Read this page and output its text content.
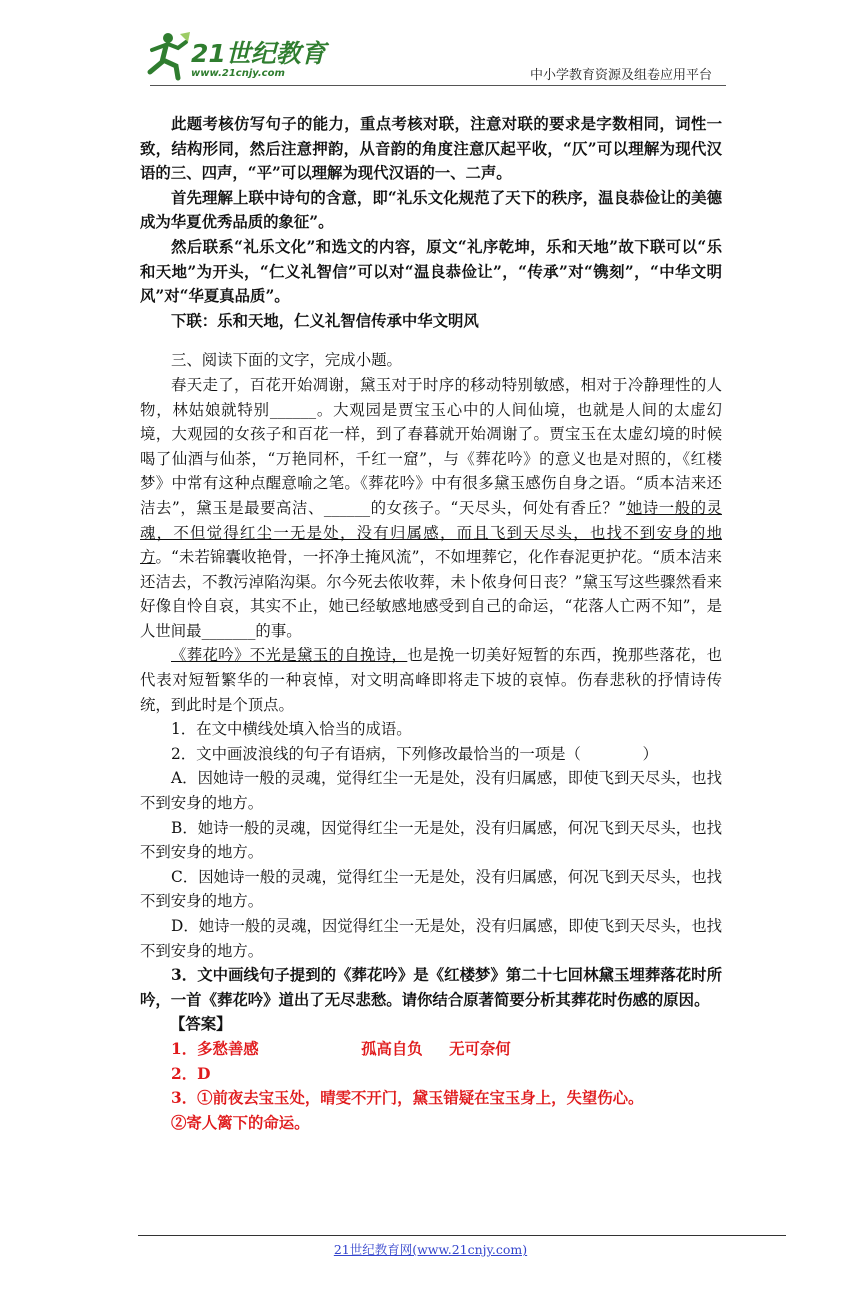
21世纪教育
www.21cnjy.com	中小学教育资源及组卷应用平台

此题考核仿写句子的能力，重点考核对联，注意对联的要求是字数相同，词性一致，结构形同，然后注意押韵，从音韵的角度注意仄起平收，“仄”可以理解为现代汉语的三、四声，“平”可以理解为现代汉语的一、二声。

首先理解上联中诗句的含意，即“礼乐文化规范了天下的秩序，温良恭俭让的美德成为华夏优秀品质的象征”。

然后联系“礼乐文化”和选文的内容，原文“礼序乾坤，乐和天地”故下联可以“乐和天地”为开头，“仁义礼智信”可以对“温良恭俭让”，“传承”对“镌刻”，“中华文明风”对“华夏真品质”。

下联：乐和天地，仁义礼智信传承中华文明风

三、阅读下面的文字，完成小题。

春天走了，百花开始凋谢，黛玉对于时序的移动特别敏感，相对于冷静理性的人物，林姑娘就特别______。大观园是贾宝玉心中的人间仙境，也就是人间的太虚幻境，大观园的女孩子和百花一样，到了春暮就开始凋谢了。贾宝玉在太虚幻境的时候喝了仙酒与仙茶，“万艳同杯，千红一窟”，与《葬花吟》的意义也是对照的，《红楼梦》中常有这种点醒意喻之笔。《葬花吟》中有很多黛玉感伤自身之语。“质本洁来还洁去”，黛玉是最要高洁、______的女孩子。“天尽头，何处有香丘？”她诗一般的灵魂，不但觉得红尘一无是处，没有归属感，而且飞到天尽头，也找不到安身的地方。“未若锦囊收艳骨，一抔净土掩风流”，不如埋葬它，化作春泥更护花。“质本洁来还洁去，不教污淖陷沟渠。尔今死去侬收葬，未卜侬身何日丧？”黛玉写这些骤然看来好像自怜自哀，其实不止，她已经敏感地感受到自己的命运，“花落人亡两不知”，是人世间最_______的事。

《葬花吟》不光是黛玉的自挽诗，也是挽一切美好短暂的东西，挽那些落花，也代表对短暂繁华的一种哀悼，对文明高峰即将走下坡的哀悼。伤春悲秋的抒情诗传统，到此时是个顶点。

1．在文中横线处填入恰当的成语。

2．文中画波浪线的句子有语病，下列修改最恰当的一项是（　　　　）

A．因她诗一般的灵魂，觉得红尘一无是处，没有归属感，即使飞到天尽头，也找不到安身的地方。

B．她诗一般的灵魂，因觉得红尘一无是处，没有归属感，何况飞到天尽头，也找不到安身的地方。

C．因她诗一般的灵魂，觉得红尘一无是处，没有归属感，何况飞到天尽头，也找不到安身的地方。

D．她诗一般的灵魂，因觉得红尘一无是处，没有归属感，即使飞到天尽头，也找不到安身的地方。

3．文中画线句子提到的《葬花吟》是《红楼梦》第二十七回林黛玉埋葬落花时所吟，一首《葬花吟》道出了无尽悲愁。请你结合原著简要分析其葬花时伤感的原因。

【答案】

1． 多愁善感	孤高自负	无可奈何

2．D

3．①前夜去宝玉处，晴雯不开门，黛玉错疑在宝玉身上，失望伤心。

②寄人篱下的命运。

21世纪教育网(www.21cnjy.com)
